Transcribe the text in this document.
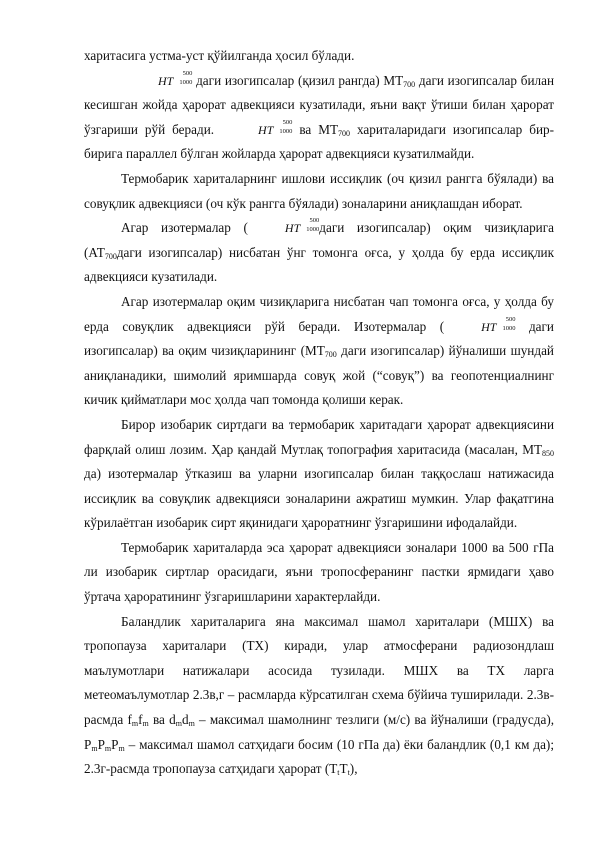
харитасига устма-уст қўйилганда ҳосил бўлади.

HT
500
1000 даги изогипсалар (қизил рангда) $МТ_{700}$ даги изогипсалар билан кесишган жойда ҳарорат адвекцияси кузатилади, яъни вақт ўтиши билан ҳарорат ўзгариши рўй беради.	HT
500
1000 ва $МТ_{700}$ хариталаридаги изогипсалар бир-бирига параллел бўлган жойларда ҳарорат адвекцияси кузатилмайди.

Термобарик хариталарнинг ишлови иссиқлик (оч қизил рангга бўялади) ва совуқлик адвекцияси (оч кўк рангга бўялади) зоналарини аниқлашдан иборат.

Агар изотермалар (	HT
500
1000 даги изогипсалар) оқим чизиқларига ($АТ_{700}даги$ изогипсалар) нисбатан ўнг томонга оғса, у ҳолда бу ерда иссиқлик адвекцияси кузатилади.

Агар изотермалар оқим чизиқларига нисбатан чап томонга оғса, у ҳолда бу ерда совуқлик адвекцияси рўй беради. Изотермалар (	HT
500
1000 даги изогипсалар) ва оқим чизиқларининг ($МТ_{700}$ даги изогипсалар) йўналиши шундай аниқланадики, шимолий яримшарда совуқ жой (“совуқ”) ва геопотенциалнинг кичик қийматлари мос ҳолда чап томонда қолиши керак.

Бирор изобарик сиртдаги ва термобарик харитадаги ҳарорат адвекциясини фарқлай олиш лозим. Ҳар қандай Мутлақ топография харитасида (масалан, $МТ_{850}$ да) изотермалар ўтказиш ва уларни изогипсалар билан таққослаш натижасида иссиқлик ва совуқлик адвекцияси зоналарини ажратиш мумкин. Улар фақатгина кўрилаётган изобарик сирт яқинидаги ҳароратнинг ўзгаришини ифодалайди.

Термобарик хариталарда эса ҳарорат адвекцияси зоналари 1000 ва 500 гПа ли изобарик сиртлар орасидаги, яъни тропосферанинг пастки ярмидаги ҳаво ўртача ҳароратининг ўзгаришларини характерлайди.

Баландлик хариталарига яна максимал шамол хариталари (МШХ) ва тропопауза хариталари (ТХ) киради, улар атмосферани радиозондлаш маълумотлари натижалари асосида тузилади. МШХ ва ТХ ларга метеомаълумотлар 2.3в,г – расмларда кўрсатилган схема бўйича туширилади. 2.3в-расмда $f_mf_m$ ва $d_md_m$ – максимал шамолнинг тезлиги (м/с) ва йўналиши (градусда), $P_mP_mP_m$ – максимал шамол сатҳидаги босим (10 гПа да) ёки баландлик (0,1 км да); 2.3г-расмда тропопауза сатҳидаги ҳарорат $(T_tT_t)$,
